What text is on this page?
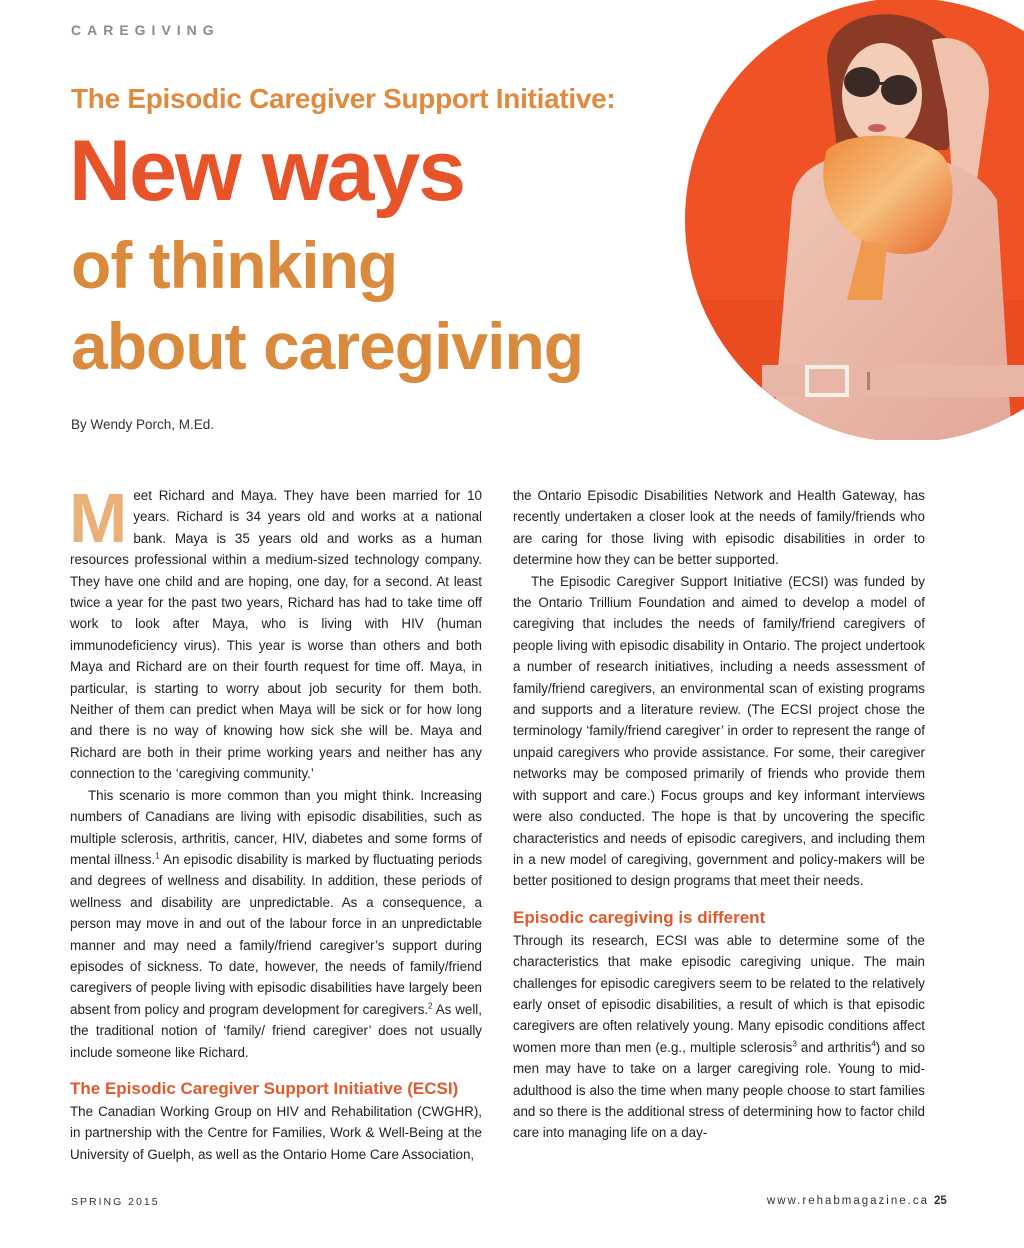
CAREGIVING
The Episodic Caregiver Support Initiative:
New ways
of thinking
about caregiving
By Wendy Porch, M.Ed.

Meet Richard and Maya. They have been married for 10 years. Richard is 34 years old and works at a national bank. Maya is 35 years old and works as a human resources professional within a medium-sized technology company. They have one child and are hoping, one day, for a second. At least twice a year for the past two years, Richard has had to take time off work to look after Maya, who is living with HIV (human immunodeficiency virus). This year is worse than others and both Maya and Richard are on their fourth request for time off. Maya, in particular, is starting to worry about job security for them both. Neither of them can predict when Maya will be sick or for how long and there is no way of knowing how sick she will be. Maya and Richard are both in their prime working years and neither has any connection to the ‘caregiving community.’

This scenario is more common than you might think. Increasing numbers of Canadians are living with episodic disabilities, such as multiple sclerosis, arthritis, cancer, HIV, diabetes and some forms of mental illness.$^1$ An episodic disability is marked by fluctuating periods and degrees of wellness and disability. In addition, these periods of wellness and disability are unpredictable. As a consequence, a person may move in and out of the labour force in an unpredictable manner and may need a family/friend caregiver’s support during episodes of sickness. To date, however, the needs of family/friend caregivers of people living with episodic disabilities have largely been absent from policy and program development for caregivers.$^2$ As well, the traditional notion of ‘family/ friend caregiver’ does not usually include someone like Richard.

The Episodic Caregiver Support Initiative (ECSI)

The Canadian Working Group on HIV and Rehabilitation (CWGHR), in partnership with the Centre for Families, Work & Well-Being at the University of Guelph, as well as the Ontario Home Care Association,

the Ontario Episodic Disabilities Network and Health Gateway, has recently undertaken a closer look at the needs of family/friends who are caring for those living with episodic disabilities in order to determine how they can be better supported.

The Episodic Caregiver Support Initiative (ECSI) was funded by the Ontario Trillium Foundation and aimed to develop a model of caregiving that includes the needs of family/friend caregivers of people living with episodic disability in Ontario. The project undertook a number of research initiatives, including a needs assessment of family/friend caregivers, an environmental scan of existing programs and supports and a literature review. (The ECSI project chose the terminology ‘family/friend caregiver’ in order to represent the range of unpaid caregivers who provide assistance. For some, their caregiver networks may be composed primarily of friends who provide them with support and care.) Focus groups and key informant interviews were also conducted. The hope is that by uncovering the specific characteristics and needs of episodic caregivers, and including them in a new model of caregiving, government and policy-makers will be better positioned to design programs that meet their needs.

Episodic caregiving is different

Through its research, ECSI was able to determine some of the characteristics that make episodic caregiving unique. The main challenges for episodic caregivers seem to be related to the relatively early onset of episodic disabilities, a result of which is that episodic caregivers are often relatively young. Many episodic conditions affect women more than men (e.g., multiple sclerosis$^3$ and arthritis$^4$) and so men may have to take on a larger caregiving role. Young to mid-adulthood is also the time when many people choose to start families and so there is the additional stress of determining how to factor child care into managing life on a day-

SPRING 2015	www.rehabmagazine.ca 25
